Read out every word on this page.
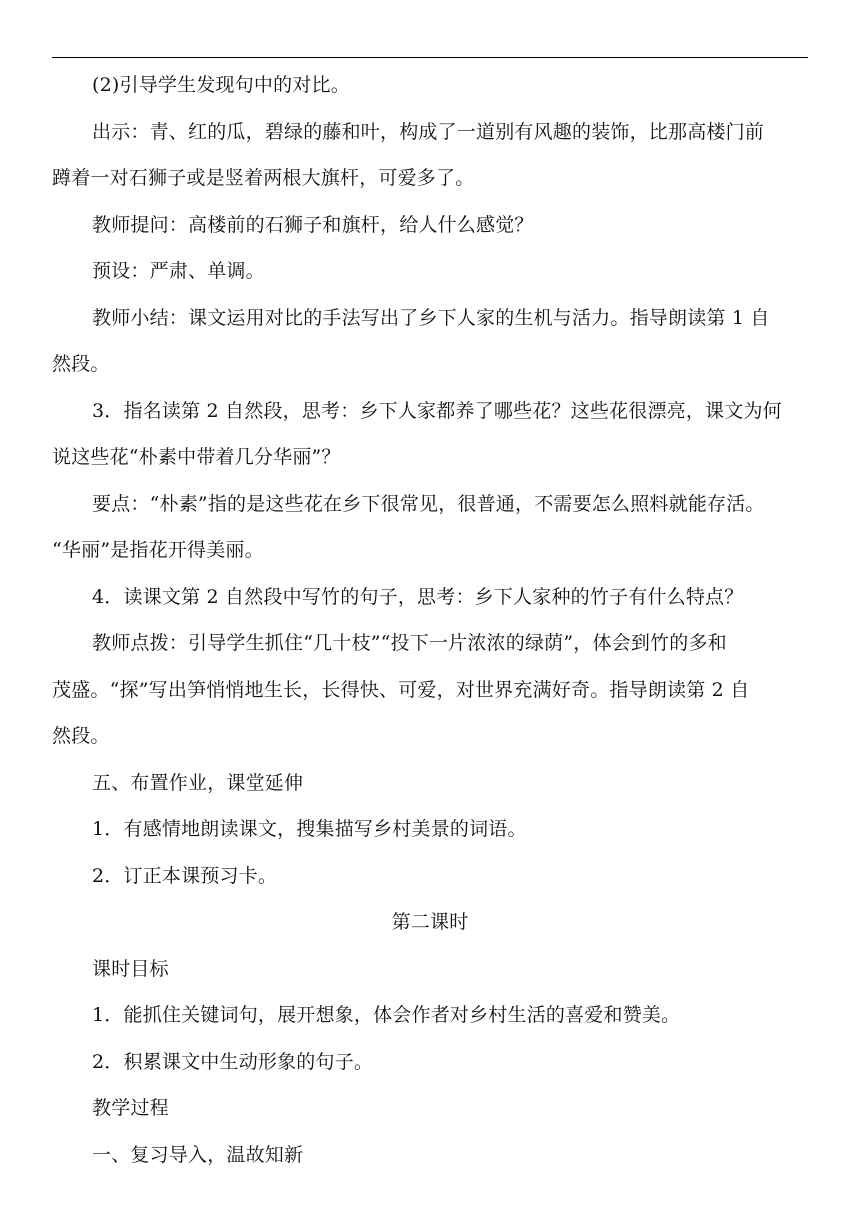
(2)引导学生发现句中的对比。

出示：青、红的瓜，碧绿的藤和叶，构成了一道别有风趣的装饰，比那高楼门前

蹲着一对石狮子或是竖着两根大旗杆，可爱多了。

教师提问：高楼前的石狮子和旗杆，给人什么感觉？

预设：严肃、单调。

教师小结：课文运用对比的手法写出了乡下人家的生机与活力。指导朗读第 1 自

然段。

3．指名读第 2 自然段，思考：乡下人家都养了哪些花？这些花很漂亮，课文为何

说这些花“朴素中带着几分华丽”？

要点：“朴素”指的是这些花在乡下很常见，很普通，不需要怎么照料就能存活。

“华丽”是指花开得美丽。

4．读课文第 2 自然段中写竹的句子，思考：乡下人家种的竹子有什么特点？

教师点拨：引导学生抓住“几十枝”“投下一片浓浓的绿荫”，体会到竹的多和

茂盛。“探”写出笋悄悄地生长，长得快、可爱，对世界充满好奇。指导朗读第 2 自

然段。

五、布置作业，课堂延伸

1．有感情地朗读课文，搜集描写乡村美景的词语。

2．订正本课预习卡。

第二课时

课时目标

1．能抓住关键词句，展开想象，体会作者对乡村生活的喜爱和赞美。

2．积累课文中生动形象的句子。

教学过程

一、复习导入，温故知新
